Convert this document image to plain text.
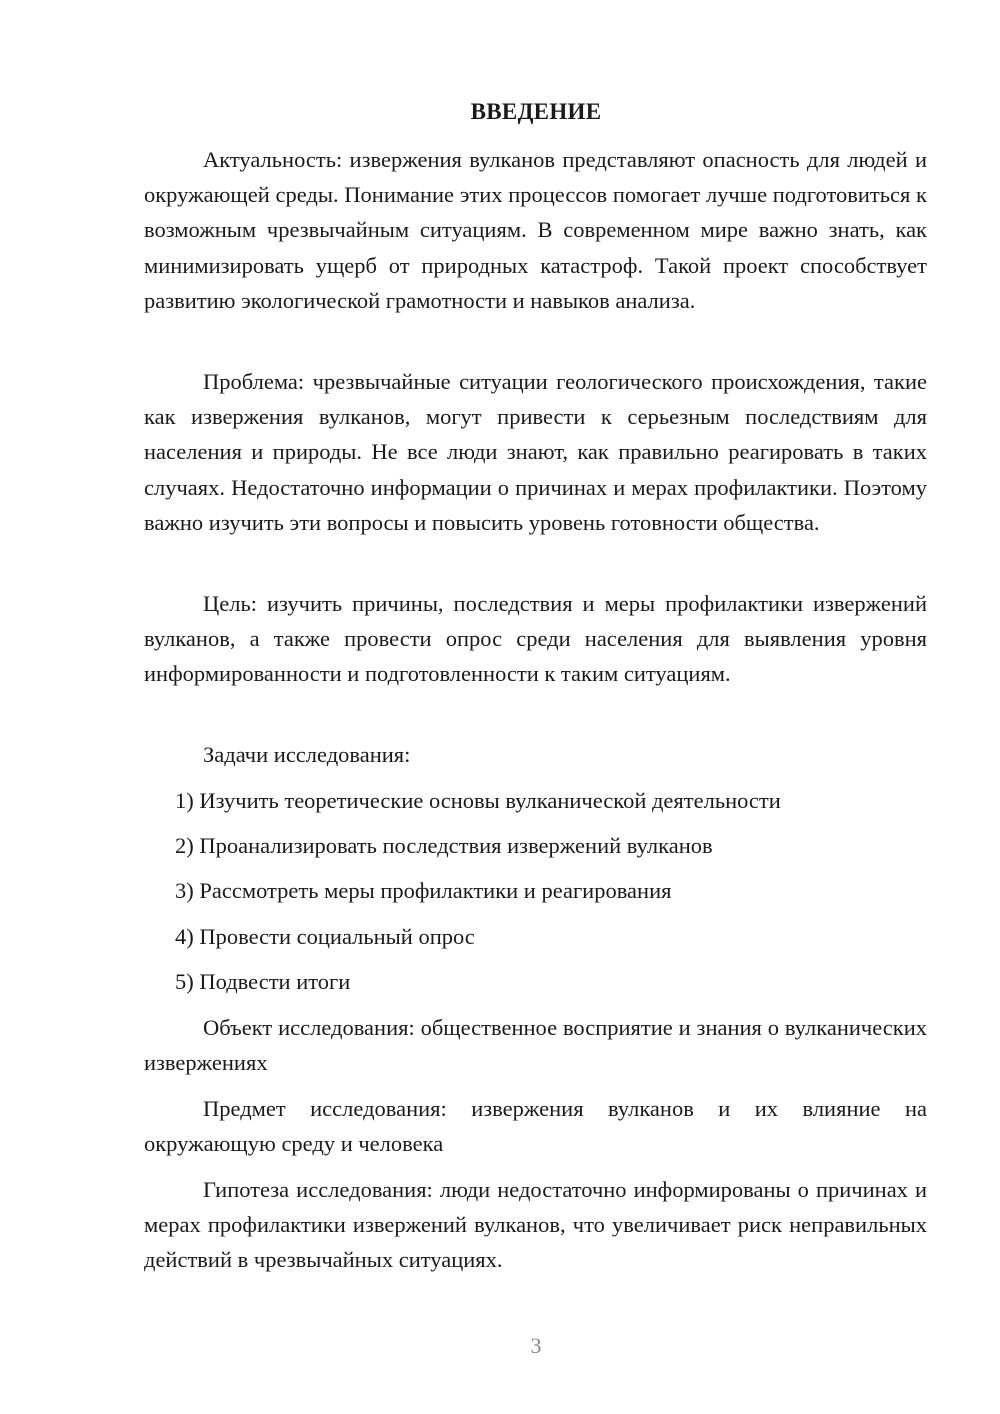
ВВЕДЕНИЕ

Актуальность: извержения вулканов представляют опасность для людей и окружающей среды. Понимание этих процессов помогает лучше подготовиться к возможным чрезвычайным ситуациям. В современном мире важно знать, как минимизировать ущерб от природных катастроф. Такой проект способствует развитию экологической грамотности и навыков анализа.

Проблема: чрезвычайные ситуации геологического происхождения, такие как извержения вулканов, могут привести к серьезным последствиям для населения и природы. Не все люди знают, как правильно реагировать в таких случаях. Недостаточно информации о причинах и мерах профилактики. Поэтому важно изучить эти вопросы и повысить уровень готовности общества.

Цель: изучить причины, последствия и меры профилактики извержений вулканов, а также провести опрос среди населения для выявления уровня информированности и подготовленности к таким ситуациям.

Задачи исследования:

1) Изучить теоретические основы вулканической деятельности

2) Проанализировать последствия извержений вулканов

3) Рассмотреть меры профилактики и реагирования

4) Провести социальный опрос

5) Подвести итоги

Объект исследования: общественное восприятие и знания о вулканических извержениях

Предмет исследования: извержения вулканов и их влияние на окружающую среду и человека

Гипотеза исследования: люди недостаточно информированы о причинах и мерах профилактики извержений вулканов, что увеличивает риск неправильных действий в чрезвычайных ситуациях.

3
